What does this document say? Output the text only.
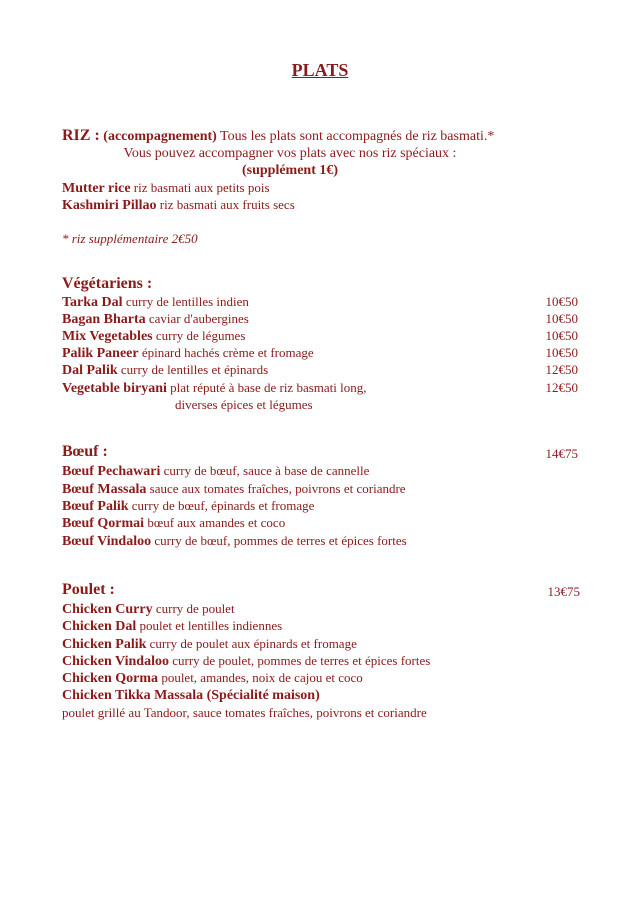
PLATS
RIZ : (accompagnement) Tous les plats sont accompagnés de riz basmati.*
Vous pouvez accompagner vos plats avec nos riz spéciaux :
(supplément 1€)
Mutter rice riz basmati aux petits pois
Kashmiri Pillao riz basmati aux fruits secs
* riz supplémentaire 2€50
Végétariens :
Tarka Dal curry de lentilles indien	10€50
Bagan Bharta caviar d'aubergines	10€50
Mix Vegetables curry de légumes	10€50
Palik Paneer épinard hachés crème et fromage	10€50
Dal Palik curry de lentilles et épinards	12€50
Vegetable biryani plat réputé à base de riz basmati long,	12€50
diverses épices et légumes
Bœuf :	14€75
Bœuf Pechawari curry de bœuf, sauce à base de cannelle
Bœuf Massala sauce aux tomates fraîches, poivrons et coriandre
Bœuf Palik curry de bœuf, épinards et fromage
Bœuf Qormai bœuf aux amandes et coco
Bœuf Vindaloo curry de bœuf, pommes de terres et épices fortes
Poulet :	13€75
Chicken Curry curry de poulet
Chicken Dal poulet et lentilles indiennes
Chicken Palik curry de poulet aux épinards et fromage
Chicken Vindaloo curry de poulet, pommes de terres et épices fortes
Chicken Qorma poulet, amandes, noix de cajou et coco
Chicken Tikka Massala (Spécialité maison)
poulet grillé au Tandoor, sauce tomates fraîches, poivrons et coriandre
